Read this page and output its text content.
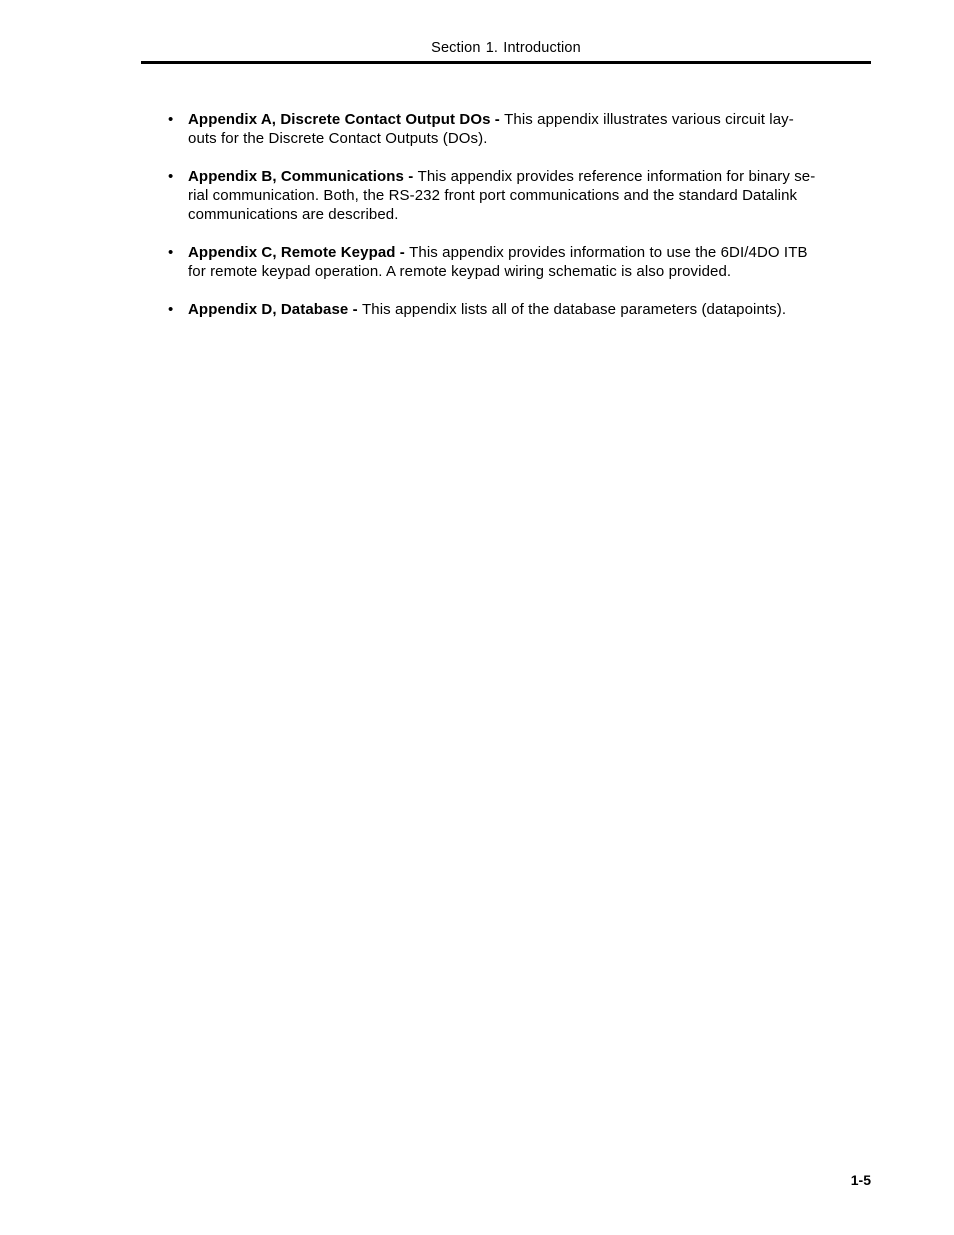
Section 1. Introduction
• Appendix A, Discrete Contact Output DOs - This appendix illustrates various circuit lay-
outs for the Discrete Contact Outputs (DOs).
• Appendix B, Communications - This appendix provides reference information for binary se-
rial communication. Both, the RS-232 front port communications and the standard Datalink
communications are described.
• Appendix C, Remote Keypad - This appendix provides information to use the 6DI/4DO ITB
for remote keypad operation. A remote keypad wiring schematic is also provided.
• Appendix D, Database - This appendix lists all of the database parameters (datapoints).
1-5
